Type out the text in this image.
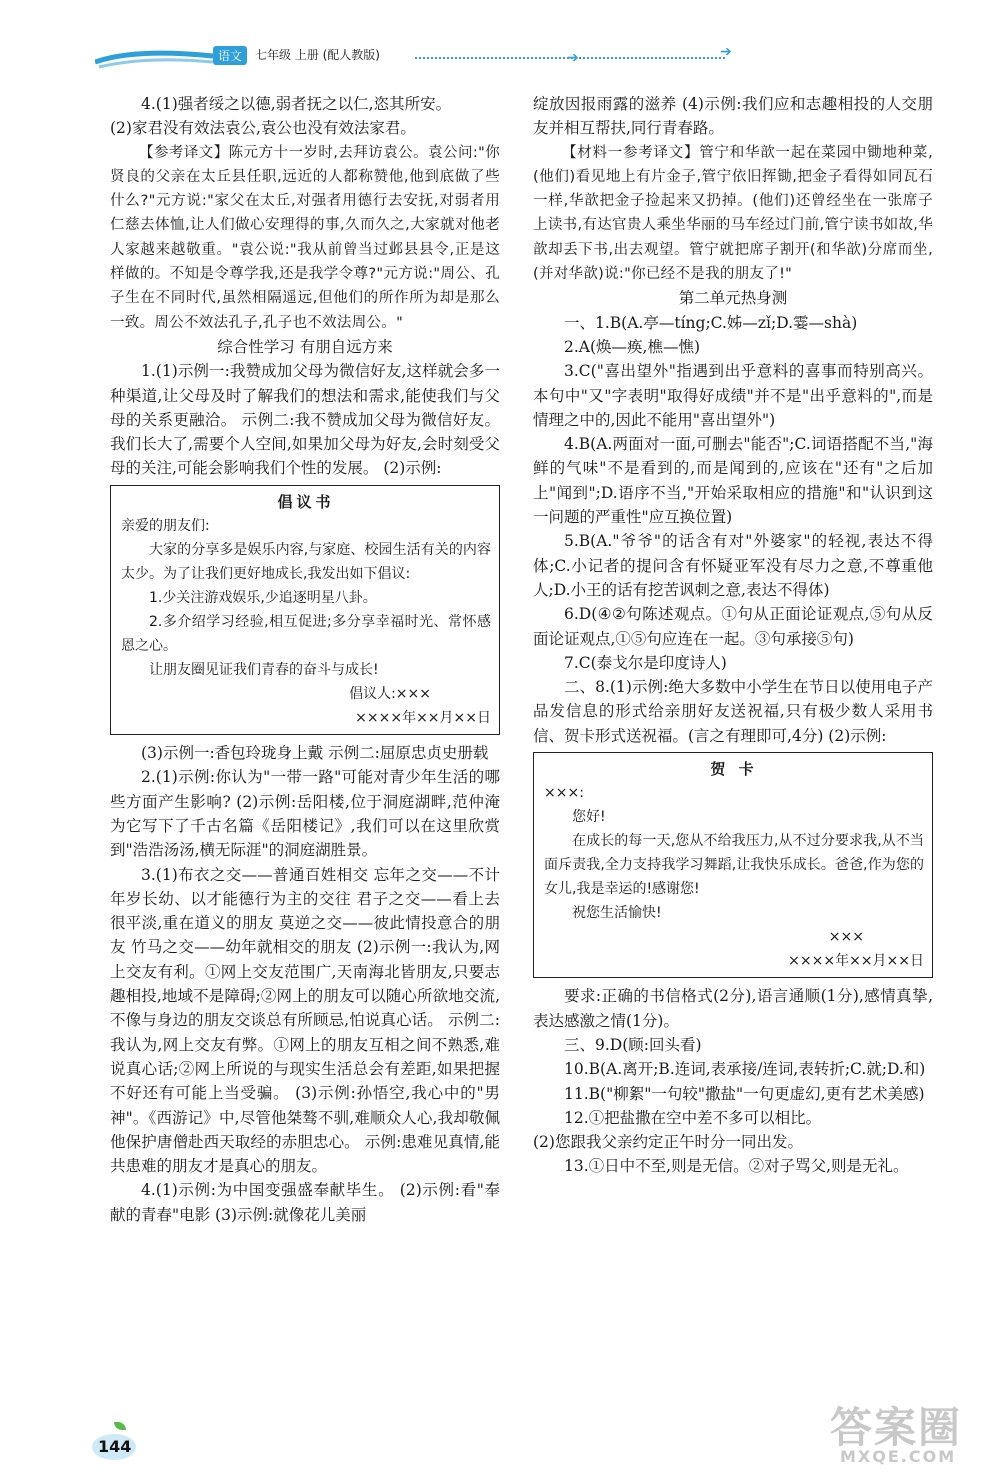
语文	七年级 上册 (配人教版)	➔	➔

4.(1)强者绥之以德,弱者抚之以仁,恣其所安。

(2)家君没有效法袁公,袁公也没有效法家君。

【参考译文】陈元方十一岁时,去拜访袁公。袁公问:"你贤良的父亲在太丘县任职,远近的人都称赞他,他到底做了些什么?"元方说:"家父在太丘,对强者用德行去安抚,对弱者用仁慈去体恤,让人们做心安理得的事,久而久之,大家就对他老人家越来越敬重。"袁公说:"我从前曾当过邺县县令,正是这样做的。不知是令尊学我,还是我学令尊?"元方说:"周公、孔子生在不同时代,虽然相隔遥远,但他们的所作所为却是那么一致。周公不效法孔子,孔子也不效法周公。"

综合性学习 有朋自远方来

1.(1)示例一:我赞成加父母为微信好友,这样就会多一种渠道,让父母及时了解我们的想法和需求,能使我们与父母的关系更融洽。 示例二:我不赞成加父母为微信好友。我们长大了,需要个人空间,如果加父母为好友,会时刻受父母的关注,可能会影响我们个性的发展。 (2)示例:

倡议书

亲爱的朋友们:

大家的分享多是娱乐内容,与家庭、校园生活有关的内容太少。为了让我们更好地成长,我发出如下倡议:

1.少关注游戏娱乐,少追逐明星八卦。

2.多介绍学习经验,相互促进;多分享幸福时光、常怀感恩之心。

让朋友圈见证我们青春的奋斗与成长!

倡议人:×××

××××年××月××日

(3)示例一:香包玲珑身上戴 示例二:屈原忠贞史册载

2.(1)示例:你认为"一带一路"可能对青少年生活的哪些方面产生影响? (2)示例:岳阳楼,位于洞庭湖畔,范仲淹为它写下了千古名篇《岳阳楼记》,我们可以在这里欣赏到"浩浩汤汤,横无际涯"的洞庭湖胜景。

3.(1)布衣之交——普通百姓相交 忘年之交——不计年岁长幼、以才能德行为主的交往 君子之交——看上去很平淡,重在道义的朋友 莫逆之交——彼此情投意合的朋友 竹马之交——幼年就相交的朋友 (2)示例一:我认为,网上交友有利。①网上交友范围广,天南海北皆朋友,只要志趣相投,地域不是障碍;②网上的朋友可以随心所欲地交流,不像与身边的朋友交谈总有所顾忌,怕说真心话。 示例二:我认为,网上交友有弊。①网上的朋友互相之间不熟悉,难说真心话;②网上所说的与现实生活总会有差距,如果把握不好还有可能上当受骗。 (3)示例:孙悟空,我心中的"男神"。《西游记》中,尽管他桀骜不驯,难顺众人心,我却敬佩他保护唐僧赴西天取经的赤胆忠心。 示例:患难见真情,能共患难的朋友才是真心的朋友。

4.(1)示例:为中国变强盛奉献毕生。 (2)示例:看"奉献的青春"电影 (3)示例:就像花儿美丽

绽放因报雨露的滋养 (4)示例:我们应和志趣相投的人交朋友并相互帮扶,同行青春路。

【材料一参考译文】管宁和华歆一起在菜园中锄地种菜,(他们)看见地上有片金子,管宁依旧挥锄,把金子看得如同瓦石一样,华歆把金子捡起来又扔掉。(他们)还曾经坐在一张席子上读书,有达官贵人乘坐华丽的马车经过门前,管宁读书如故,华歆却丢下书,出去观望。管宁就把席子割开(和华歆)分席而坐,(并对华歆)说:"你已经不是我的朋友了!"

第二单元热身测

一、1.B(A.亭—tíng;C.姊—zǐ;D.霎—shà)

2.A(焕—痪,樵—憔)

3.C("喜出望外"指遇到出乎意料的喜事而特别高兴。本句中"又"字表明"取得好成绩"并不是"出乎意料的",而是情理之中的,因此不能用"喜出望外")

4.B(A.两面对一面,可删去"能否";C.词语搭配不当,"海鲜的气味"不是看到的,而是闻到的,应该在"还有"之后加上"闻到";D.语序不当,"开始采取相应的措施"和"认识到这一问题的严重性"应互换位置)

5.B(A."爷爷"的话含有对"外婆家"的轻视,表达不得体;C.小记者的提问含有怀疑亚军没有尽力之意,不尊重他人;D.小王的话有挖苦讽刺之意,表达不得体)

6.D(④②句陈述观点。①句从正面论证观点,⑤句从反面论证观点,①⑤句应连在一起。③句承接⑤句)

7.C(泰戈尔是印度诗人)

二、8.(1)示例:绝大多数中小学生在节日以使用电子产品发信息的形式给亲朋好友送祝福,只有极少数人采用书信、贺卡形式送祝福。(言之有理即可,4分) (2)示例:

贺 卡

×××:

您好!

在成长的每一天,您从不给我压力,从不过分要求我,从不当面斥责我,全力支持我学习舞蹈,让我快乐成长。爸爸,作为您的女儿,我是幸运的!感谢您!

祝您生活愉快!

×××

××××年××月××日

要求:正确的书信格式(2分),语言通顺(1分),感情真挚,表达感激之情(1分)。

三、9.D(顾:回头看)

10.B(A.离开;B.连词,表承接/连词,表转折;C.就;D.和)

11.B("柳絮"一句较"撒盐"一句更虚幻,更有艺术美感)

12.①把盐撒在空中差不多可以相比。

(2)您跟我父亲约定正午时分一同出发。

13.①日中不至,则是无信。②对子骂父,则是无礼。

144	答案圈
MXQE.COM
